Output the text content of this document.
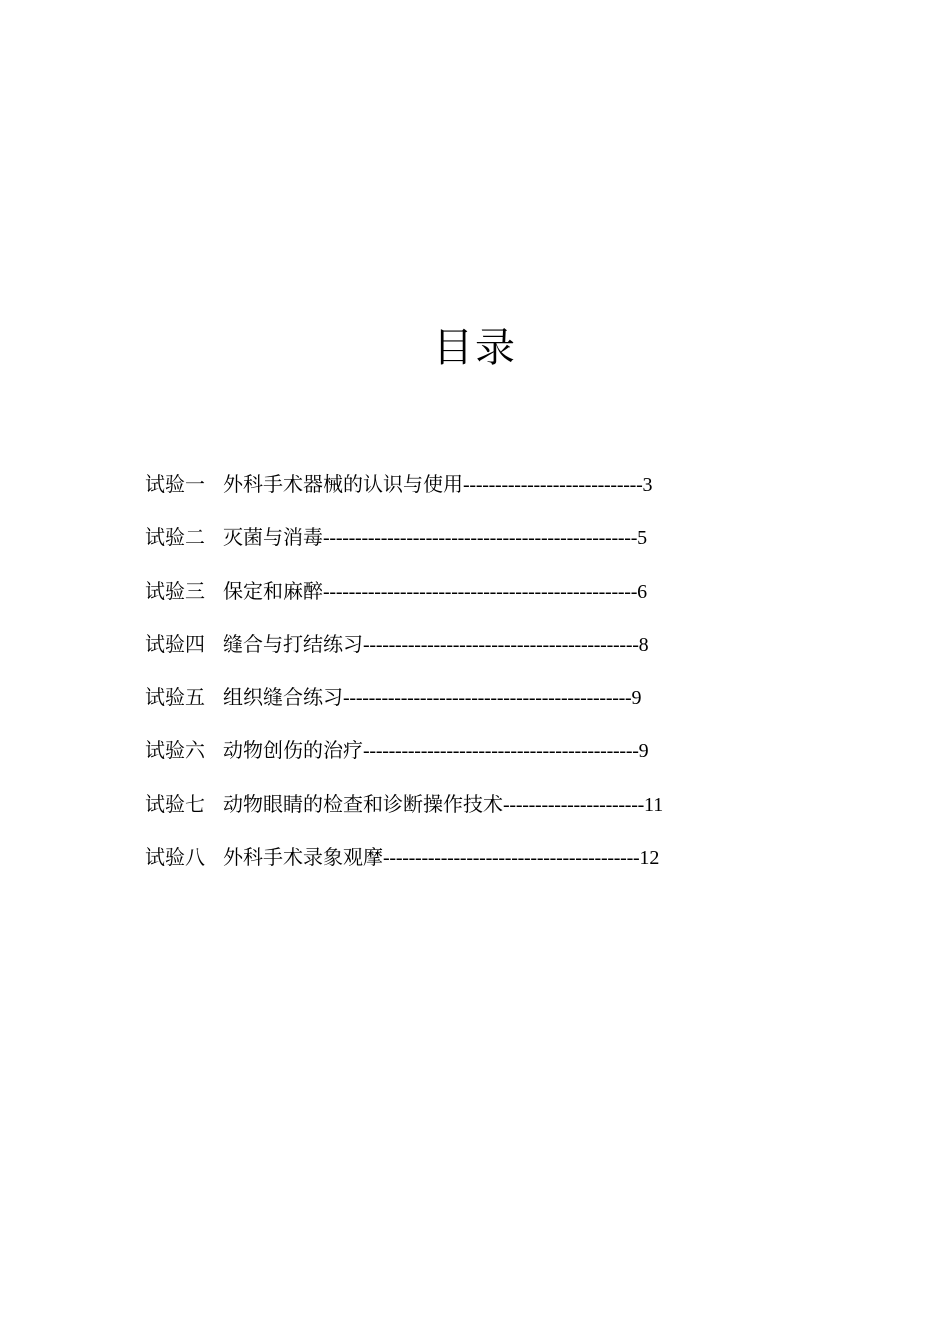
目录
试验一 外科手术器械的认识与使用----------------------------3
试验二 灭菌与消毒-------------------------------------------------5
试验三 保定和麻醉-------------------------------------------------6
试验四 缝合与打结练习-------------------------------------------8
试验五 组织缝合练习---------------------------------------------9
试验六 动物创伤的治疗-------------------------------------------9
试验七 动物眼睛的检查和诊断操作技术----------------------11
试验八 外科手术录象观摩----------------------------------------12
